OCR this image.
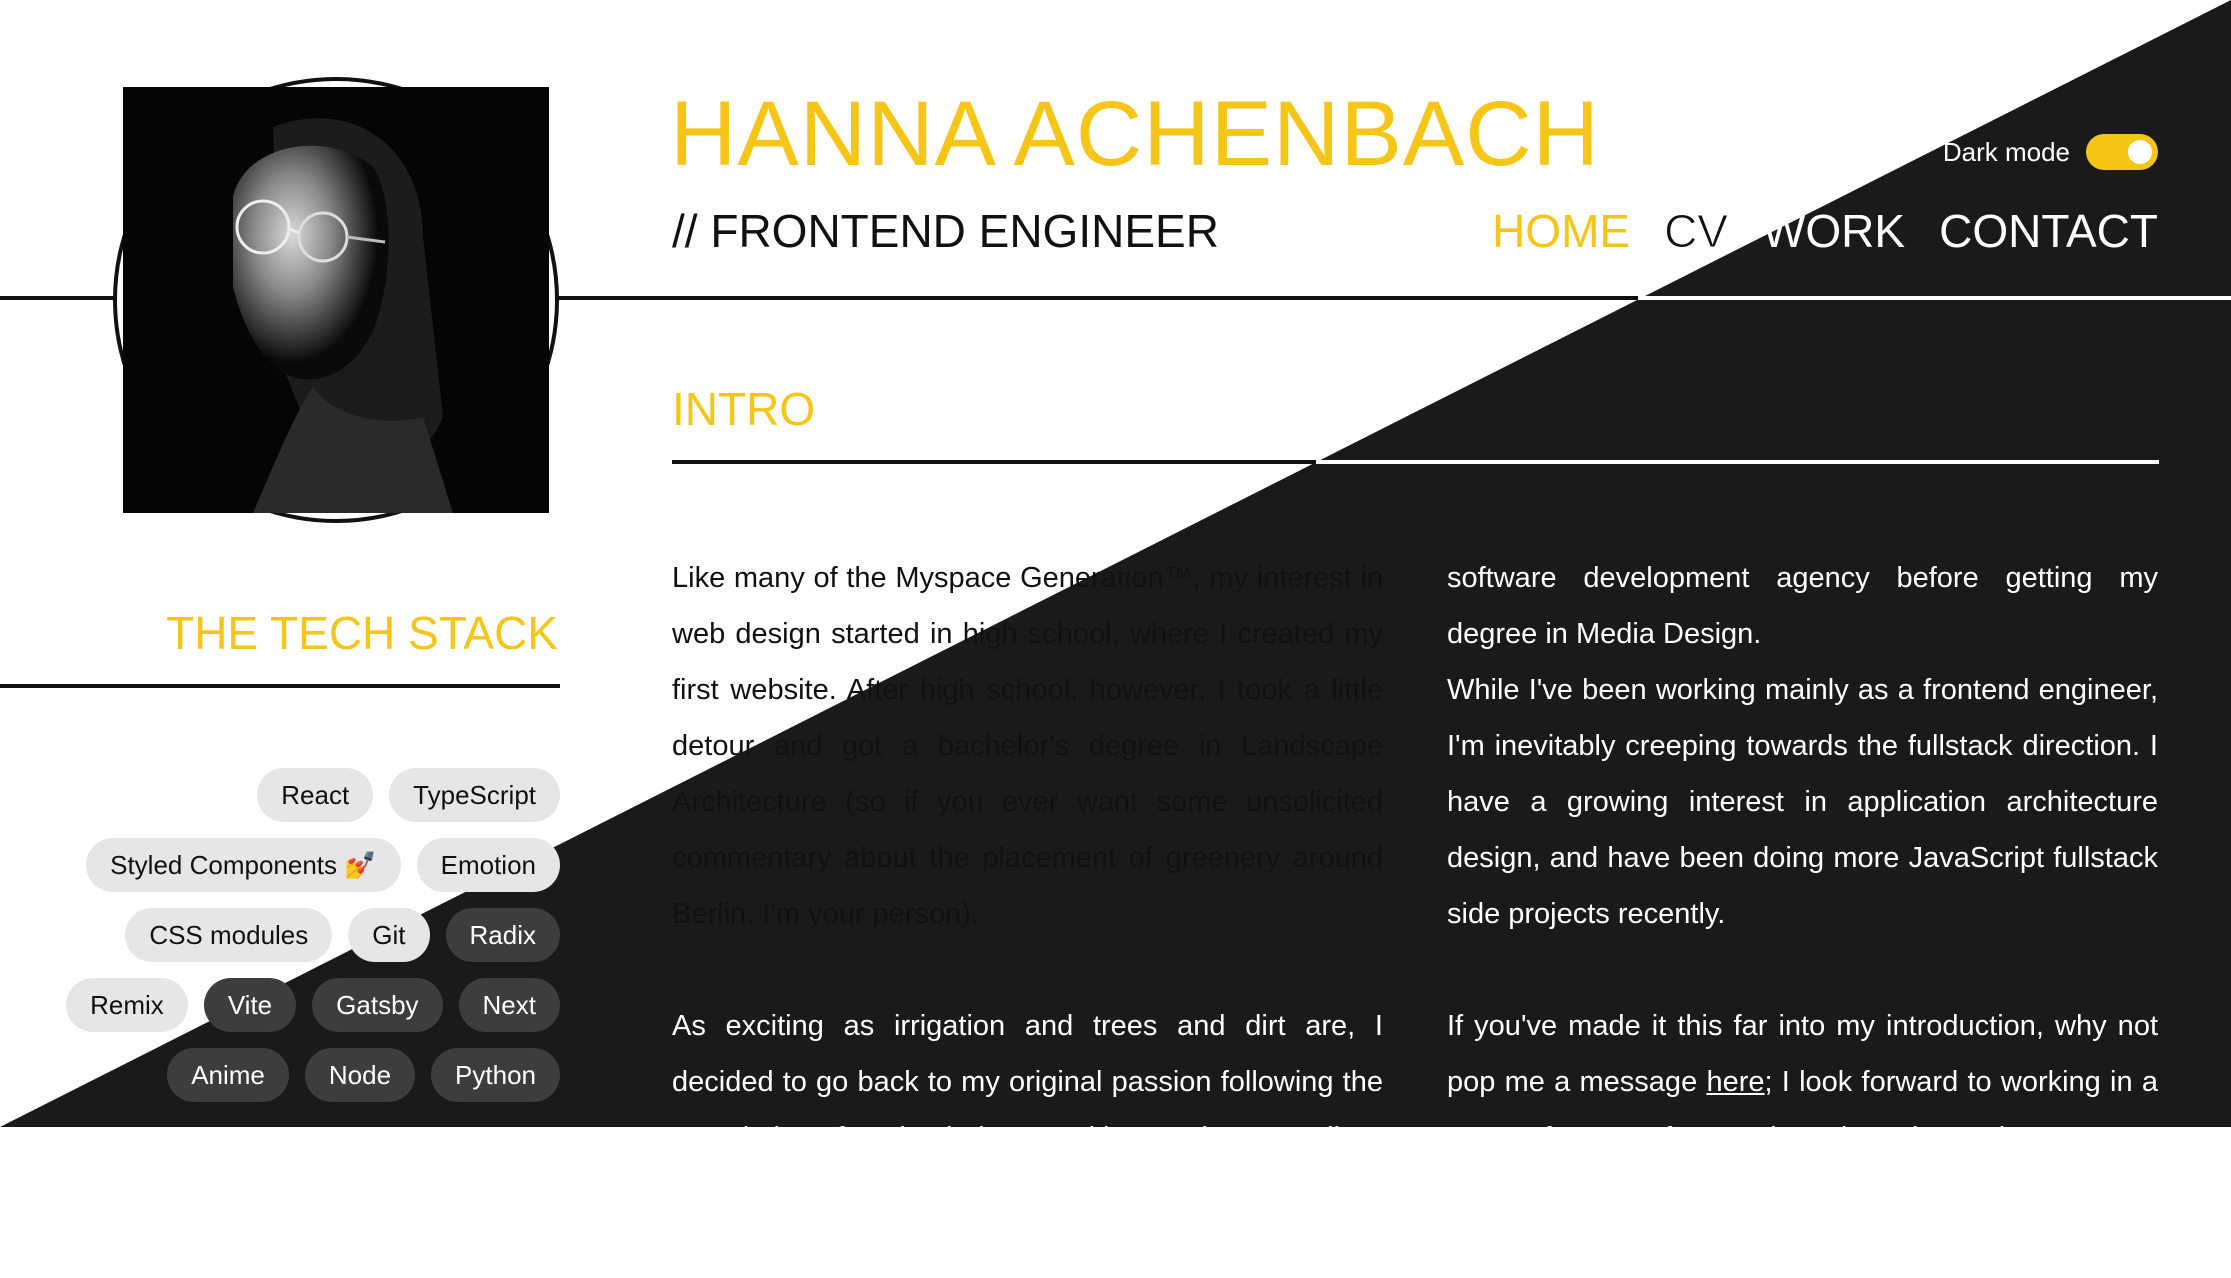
HANNA ACHENBACH
// FRONTEND ENGINEER
Dark mode
HOME CV WORK CONTACT
INTRO
THE TECH STACK
React	TypeScript
Styled Components 💅	Emotion
CSS modules	Git	Radix
Remix	Vite	Gatsby	Next
Anime	Node	Python

Like many of the Myspace Generation™, my interest in web design started in high school, where I created my first website. After high school, however, I took a little detour and got a bachelor's degree in Landscape Architecture (so if you ever want some unsolicited commentary about the placement of greenery around Berlin, I'm your person).

As exciting as irrigation and trees and dirt are, I decided to go back to my original passion following the completion of my bachelor's, and interned at a small

software development agency before getting my degree in Media Design.
While I've been working mainly as a frontend engineer, I'm inevitably creeping towards the fullstack direction. I have a growing interest in application architecture design, and have been doing more JavaScript fullstack side projects recently.

If you've made it this far into my introduction, why not pop me a message here; I look forward to working in a team of smart, fun, and motivated people to create some
